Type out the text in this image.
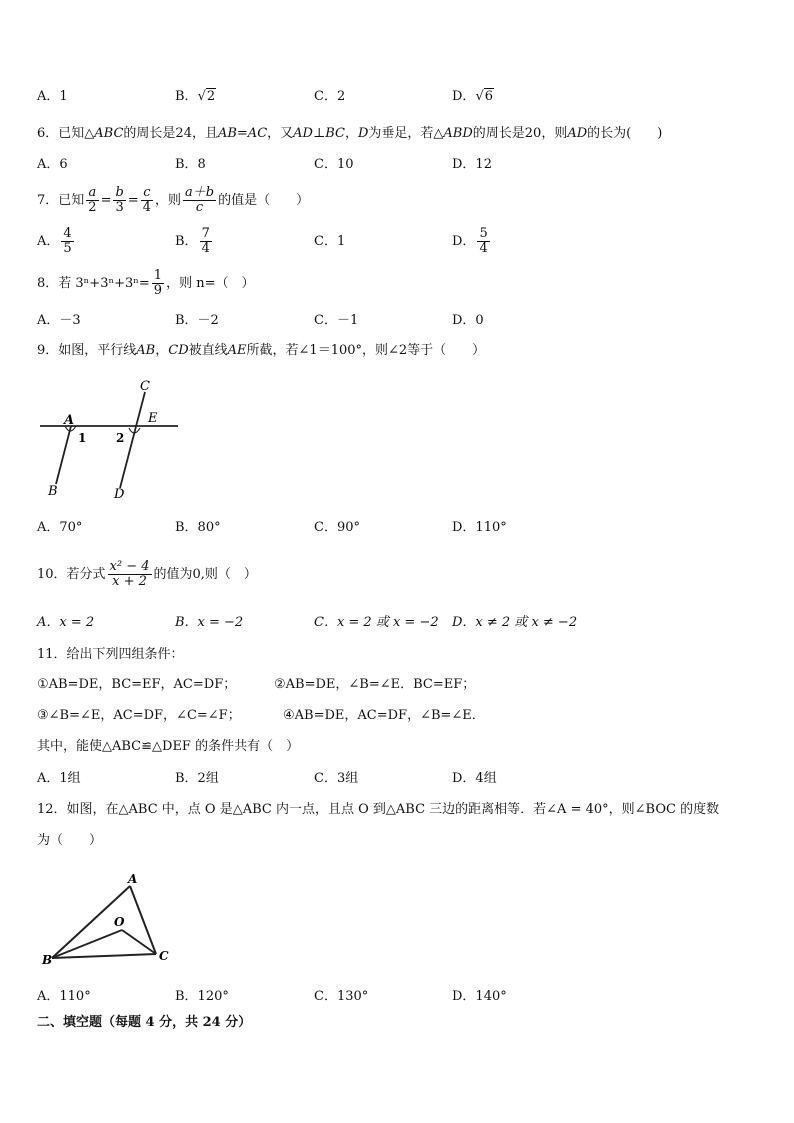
A．1	B．√2	C．2	D．√6
6．已知△ABC的周长是24，且AB=AC，又AD⊥BC，D为垂足，若△ABD的周长是20，则AD的长为(　　)
A．6	B．8	C．10	D．12
7．已知 $\frac{a}{2} = \frac{b}{3} = \frac{c}{4}$ ，则 $\frac{a+b}{c}$ 的值是（　　）
A． $\frac{4}{5}$	B． $\frac{7}{4}$	C．1	D． $\frac{5}{4}$
8．若 $3^n+3^n+3^n= \frac{1}{9}$ ，则 n=（　）
A．－3	B．－2	C．－1	D．0
9．如图，平行线AB，CD被直线AE所截，若∠1＝100°，则∠2等于（　　）
C
A	E
1 2
B	D
A．70°	B．80°	C．90°	D．110°
10．若分式 $\frac{\text{x² − 4}}{x + 2}$ 的值为0,则（　）
A．x = 2	B．x = −2	C．x = 2 或 x = −2 D．x ≠ 2 或 x ≠ −2
11．给出下列四组条件：
①AB=DE，BC=EF，AC=DF；	②AB=DE，∠B=∠E．BC=EF；
③∠B=∠E，AC=DF，∠C=∠F；	④AB=DE，AC=DF，∠B=∠E．
其中，能使△ABC≌△DEF 的条件共有（　）
A．1组	B．2组	C．3组	D．4组
12．如图，在△ABC 中，点 O 是△ABC 内一点，且点 O 到△ABC 三边的距离相等．若∠A = 40°，则∠BOC 的度数
为（　　）
A
O
B	C
A．110°	B．120°	C．130°	D．140°
二、填空题（每题 4 分，共 24 分）
